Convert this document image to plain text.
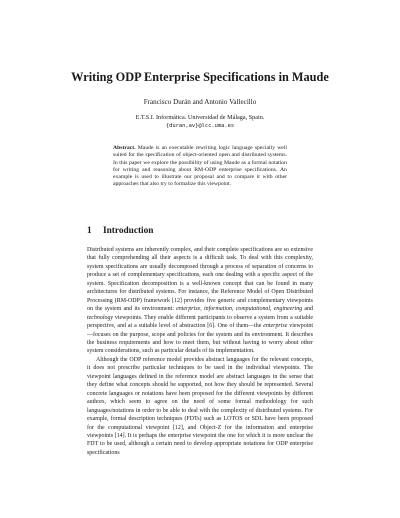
Writing ODP Enterprise Specifications in Maude
Francisco Durán and Antonio Vallecillo
E.T.S.I. Informática. Universidad de Málaga, Spain.
{duran,av}@lcc.uma.es
Abstract. Maude is an executable rewriting logic language specially well suited for the specification of object-oriented open and distributed systems. In this paper we explore the possibility of using Maude as a formal notation for writing and reasoning about RM-ODP enterprise specifications. An example is used to illustrate our proposal and to compare it with other approaches that also try to formalize this viewpoint.
1 Introduction

Distributed systems are inherently complex, and their complete specifications are so extensive that fully comprehending all their aspects is a difficult task. To deal with this complexity, system specifications are usually decomposed through a process of separation of concerns to produce a set of complementary specifications, each one dealing with a specific aspect of the system. Specification decomposition is a well-known concept that can be found in many architectures for distributed systems. For instance, the Reference Model of Open Distributed Processing (RM-ODP) framework [12] provides five generic and complementary viewpoints on the system and its environment: enterprise, information, computational, engineering and technology viewpoints. They enable different participants to observe a system from a suitable perspective, and at a suitable level of abstraction [6]. One of them—the enterprise viewpoint—focuses on the purpose, scope and policies for the system and its environment. It describes the business requirements and how to meet them, but without having to worry about other system considerations, such as particular details of its implementation.

Although the ODP reference model provides abstract languages for the relevant concepts, it does not prescribe particular techniques to be used in the individual viewpoints. The viewpoint languages defined in the reference model are abstract languages in the sense that they define what concepts should be supported, not how they should be represented. Several concrete languages or notations have been proposed for the different viewpoints by different authors, which seem to agree on the need of some formal methodology for such languages/notations in order to be able to deal with the complexity of distributed systems. For example, formal description techniques (FDTs) such as LOTOS or SDL have been proposed for the computational viewpoint [12], and Object-Z for the information and enterprise viewpoints [14]. It is perhaps the enterprise viewpoint the one for which it is more unclear the FDT to be used, although a certain need to develop appropriate notations for ODP enterprise specifications
